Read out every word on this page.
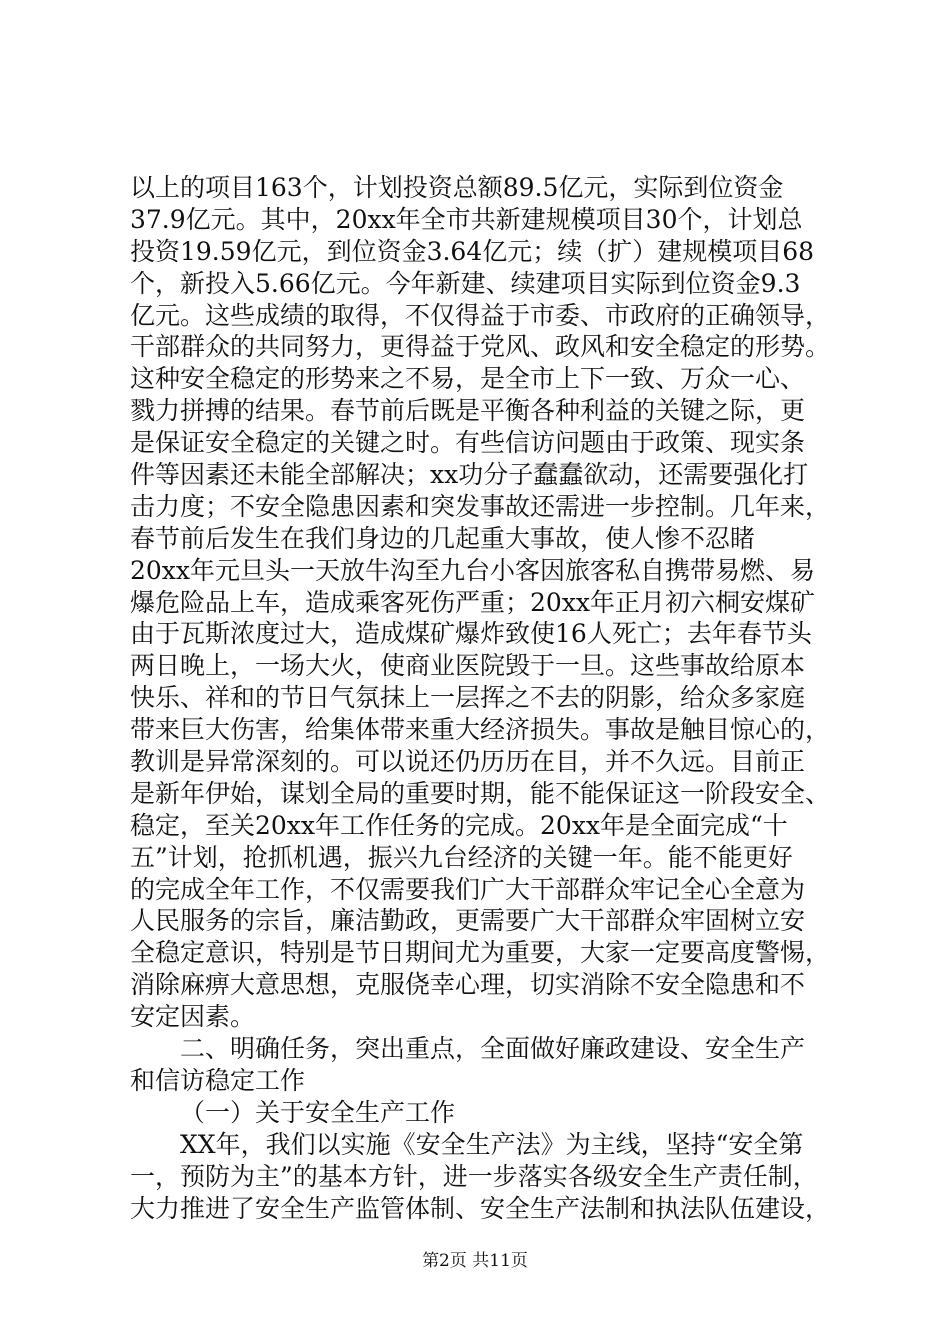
以上的项目163个，计划投资总额89.5亿元，实际到位资金
37.9亿元。其中，20xx年全市共新建规模项目30个，计划总
投资19.59亿元，到位资金3.64亿元；续（扩）建规模项目68
个，新投入5.66亿元。今年新建、续建项目实际到位资金9.3
亿元。这些成绩的取得，不仅得益于市委、市政府的正确领导，
干部群众的共同努力，更得益于党风、政风和安全稳定的形势。
这种安全稳定的形势来之不易，是全市上下一致、万众一心、
戮力拼搏的结果。春节前后既是平衡各种利益的关键之际，更
是保证安全稳定的关键之时。有些信访问题由于政策、现实条
件等因素还未能全部解决；xx功分子蠢蠢欲动，还需要强化打
击力度；不安全隐患因素和突发事故还需进一步控制。几年来，
春节前后发生在我们身边的几起重大事故，使人惨不忍睹
20xx年元旦头一天放牛沟至九台小客因旅客私自携带易燃、易
爆危险品上车，造成乘客死伤严重；20xx年正月初六桐安煤矿
由于瓦斯浓度过大，造成煤矿爆炸致使16人死亡；去年春节头
两日晚上，一场大火，使商业医院毁于一旦。这些事故给原本
快乐、祥和的节日气氛抹上一层挥之不去的阴影，给众多家庭
带来巨大伤害，给集体带来重大经济损失。事故是触目惊心的，
教训是异常深刻的。可以说还仍历历在目，并不久远。目前正
是新年伊始，谋划全局的重要时期，能不能保证这一阶段安全、
稳定，至关20xx年工作任务的完成。20xx年是全面完成“十
五”计划，抢抓机遇，振兴九台经济的关键一年。能不能更好
的完成全年工作，不仅需要我们广大干部群众牢记全心全意为
人民服务的宗旨，廉洁勤政，更需要广大干部群众牢固树立安
全稳定意识，特别是节日期间尤为重要，大家一定要高度警惕，
消除麻痹大意思想，克服侥幸心理，切实消除不安全隐患和不
安定因素。
二、明确任务，突出重点，全面做好廉政建设、安全生产
和信访稳定工作
（一）关于安全生产工作
XX年，我们以实施《安全生产法》为主线，坚持“安全第
一，预防为主”的基本方针，进一步落实各级安全生产责任制，
大力推进了安全生产监管体制、安全生产法制和执法队伍建设，
第2页 共11页
